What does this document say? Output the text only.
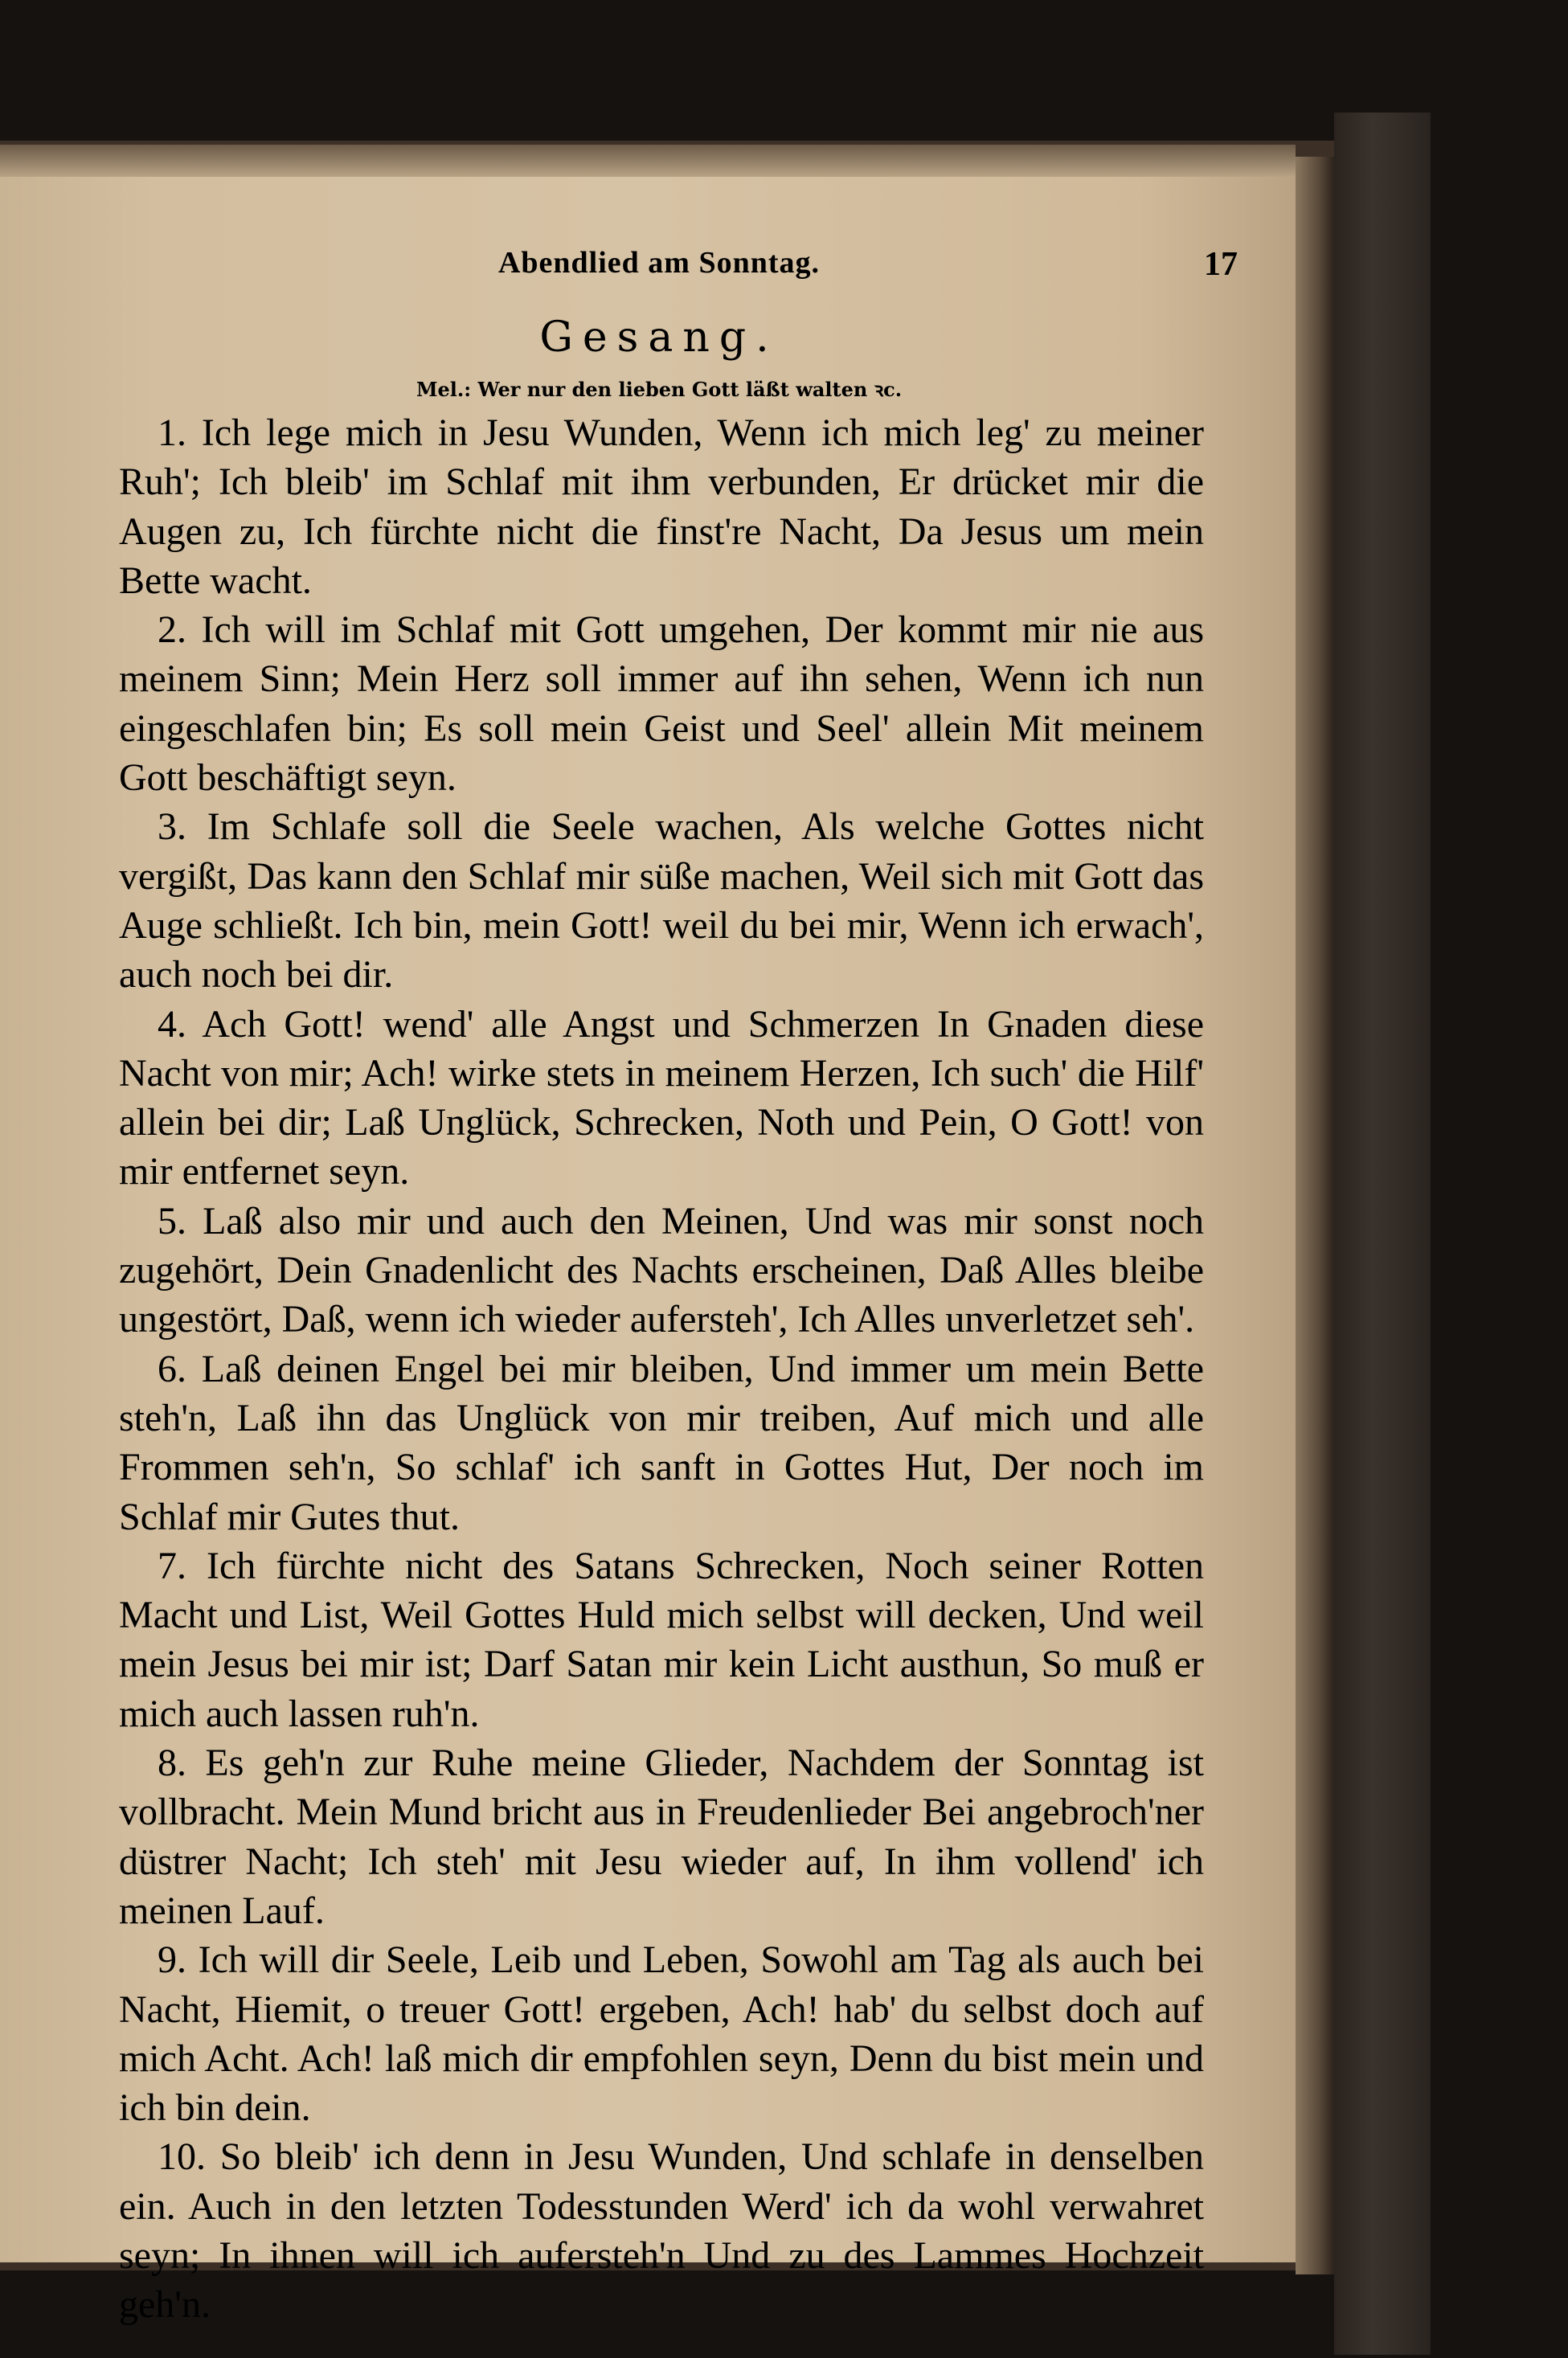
Abendlied am Sonntag.	17
Gesang.
Mel.: Wer nur den lieben Gott läßt walten ꝛc.

1. Ich lege mich in Jesu Wunden, Wenn ich mich leg' zu meiner Ruh'; Ich bleib' im Schlaf mit ihm verbunden, Er drücket mir die Augen zu, Ich fürchte nicht die finst're Nacht, Da Jesus um mein Bette wacht.

2. Ich will im Schlaf mit Gott umgehen, Der kommt mir nie aus meinem Sinn; Mein Herz soll immer auf ihn sehen, Wenn ich nun eingeschlafen bin; Es soll mein Geist und Seel' allein Mit meinem Gott beschäftigt seyn.

3. Im Schlafe soll die Seele wachen, Als welche Gottes nicht vergißt, Das kann den Schlaf mir süße machen, Weil sich mit Gott das Auge schließt. Ich bin, mein Gott! weil du bei mir, Wenn ich erwach', auch noch bei dir.

4. Ach Gott! wend' alle Angst und Schmerzen In Gnaden diese Nacht von mir; Ach! wirke stets in meinem Herzen, Ich such' die Hilf' allein bei dir; Laß Unglück, Schrecken, Noth und Pein, O Gott! von mir entfernet seyn.

5. Laß also mir und auch den Meinen, Und was mir sonst noch zugehört, Dein Gnadenlicht des Nachts erscheinen, Daß Alles bleibe ungestört, Daß, wenn ich wieder aufersteh', Ich Alles unverletzet seh'.

6. Laß deinen Engel bei mir bleiben, Und immer um mein Bette steh'n, Laß ihn das Unglück von mir treiben, Auf mich und alle Frommen seh'n, So schlaf' ich sanft in Gottes Hut, Der noch im Schlaf mir Gutes thut.

7. Ich fürchte nicht des Satans Schrecken, Noch seiner Rotten Macht und List, Weil Gottes Huld mich selbst will decken, Und weil mein Jesus bei mir ist; Darf Satan mir kein Licht austhun, So muß er mich auch lassen ruh'n.

8. Es geh'n zur Ruhe meine Glieder, Nachdem der Sonntag ist vollbracht. Mein Mund bricht aus in Freudenlieder Bei angebroch'ner düstrer Nacht; Ich steh' mit Jesu wieder auf, In ihm vollend' ich meinen Lauf.

9. Ich will dir Seele, Leib und Leben, Sowohl am Tag als auch bei Nacht, Hiemit, o treuer Gott! ergeben, Ach! hab' du selbst doch auf mich Acht. Ach! laß mich dir empfohlen seyn, Denn du bist mein und ich bin dein.

10. So bleib' ich denn in Jesu Wunden, Und schlafe in denselben ein. Auch in den letzten Todesstunden Werd' ich da wohl verwahret seyn; In ihnen will ich aufersteh'n Und zu des Lammes Hochzeit geh'n.
